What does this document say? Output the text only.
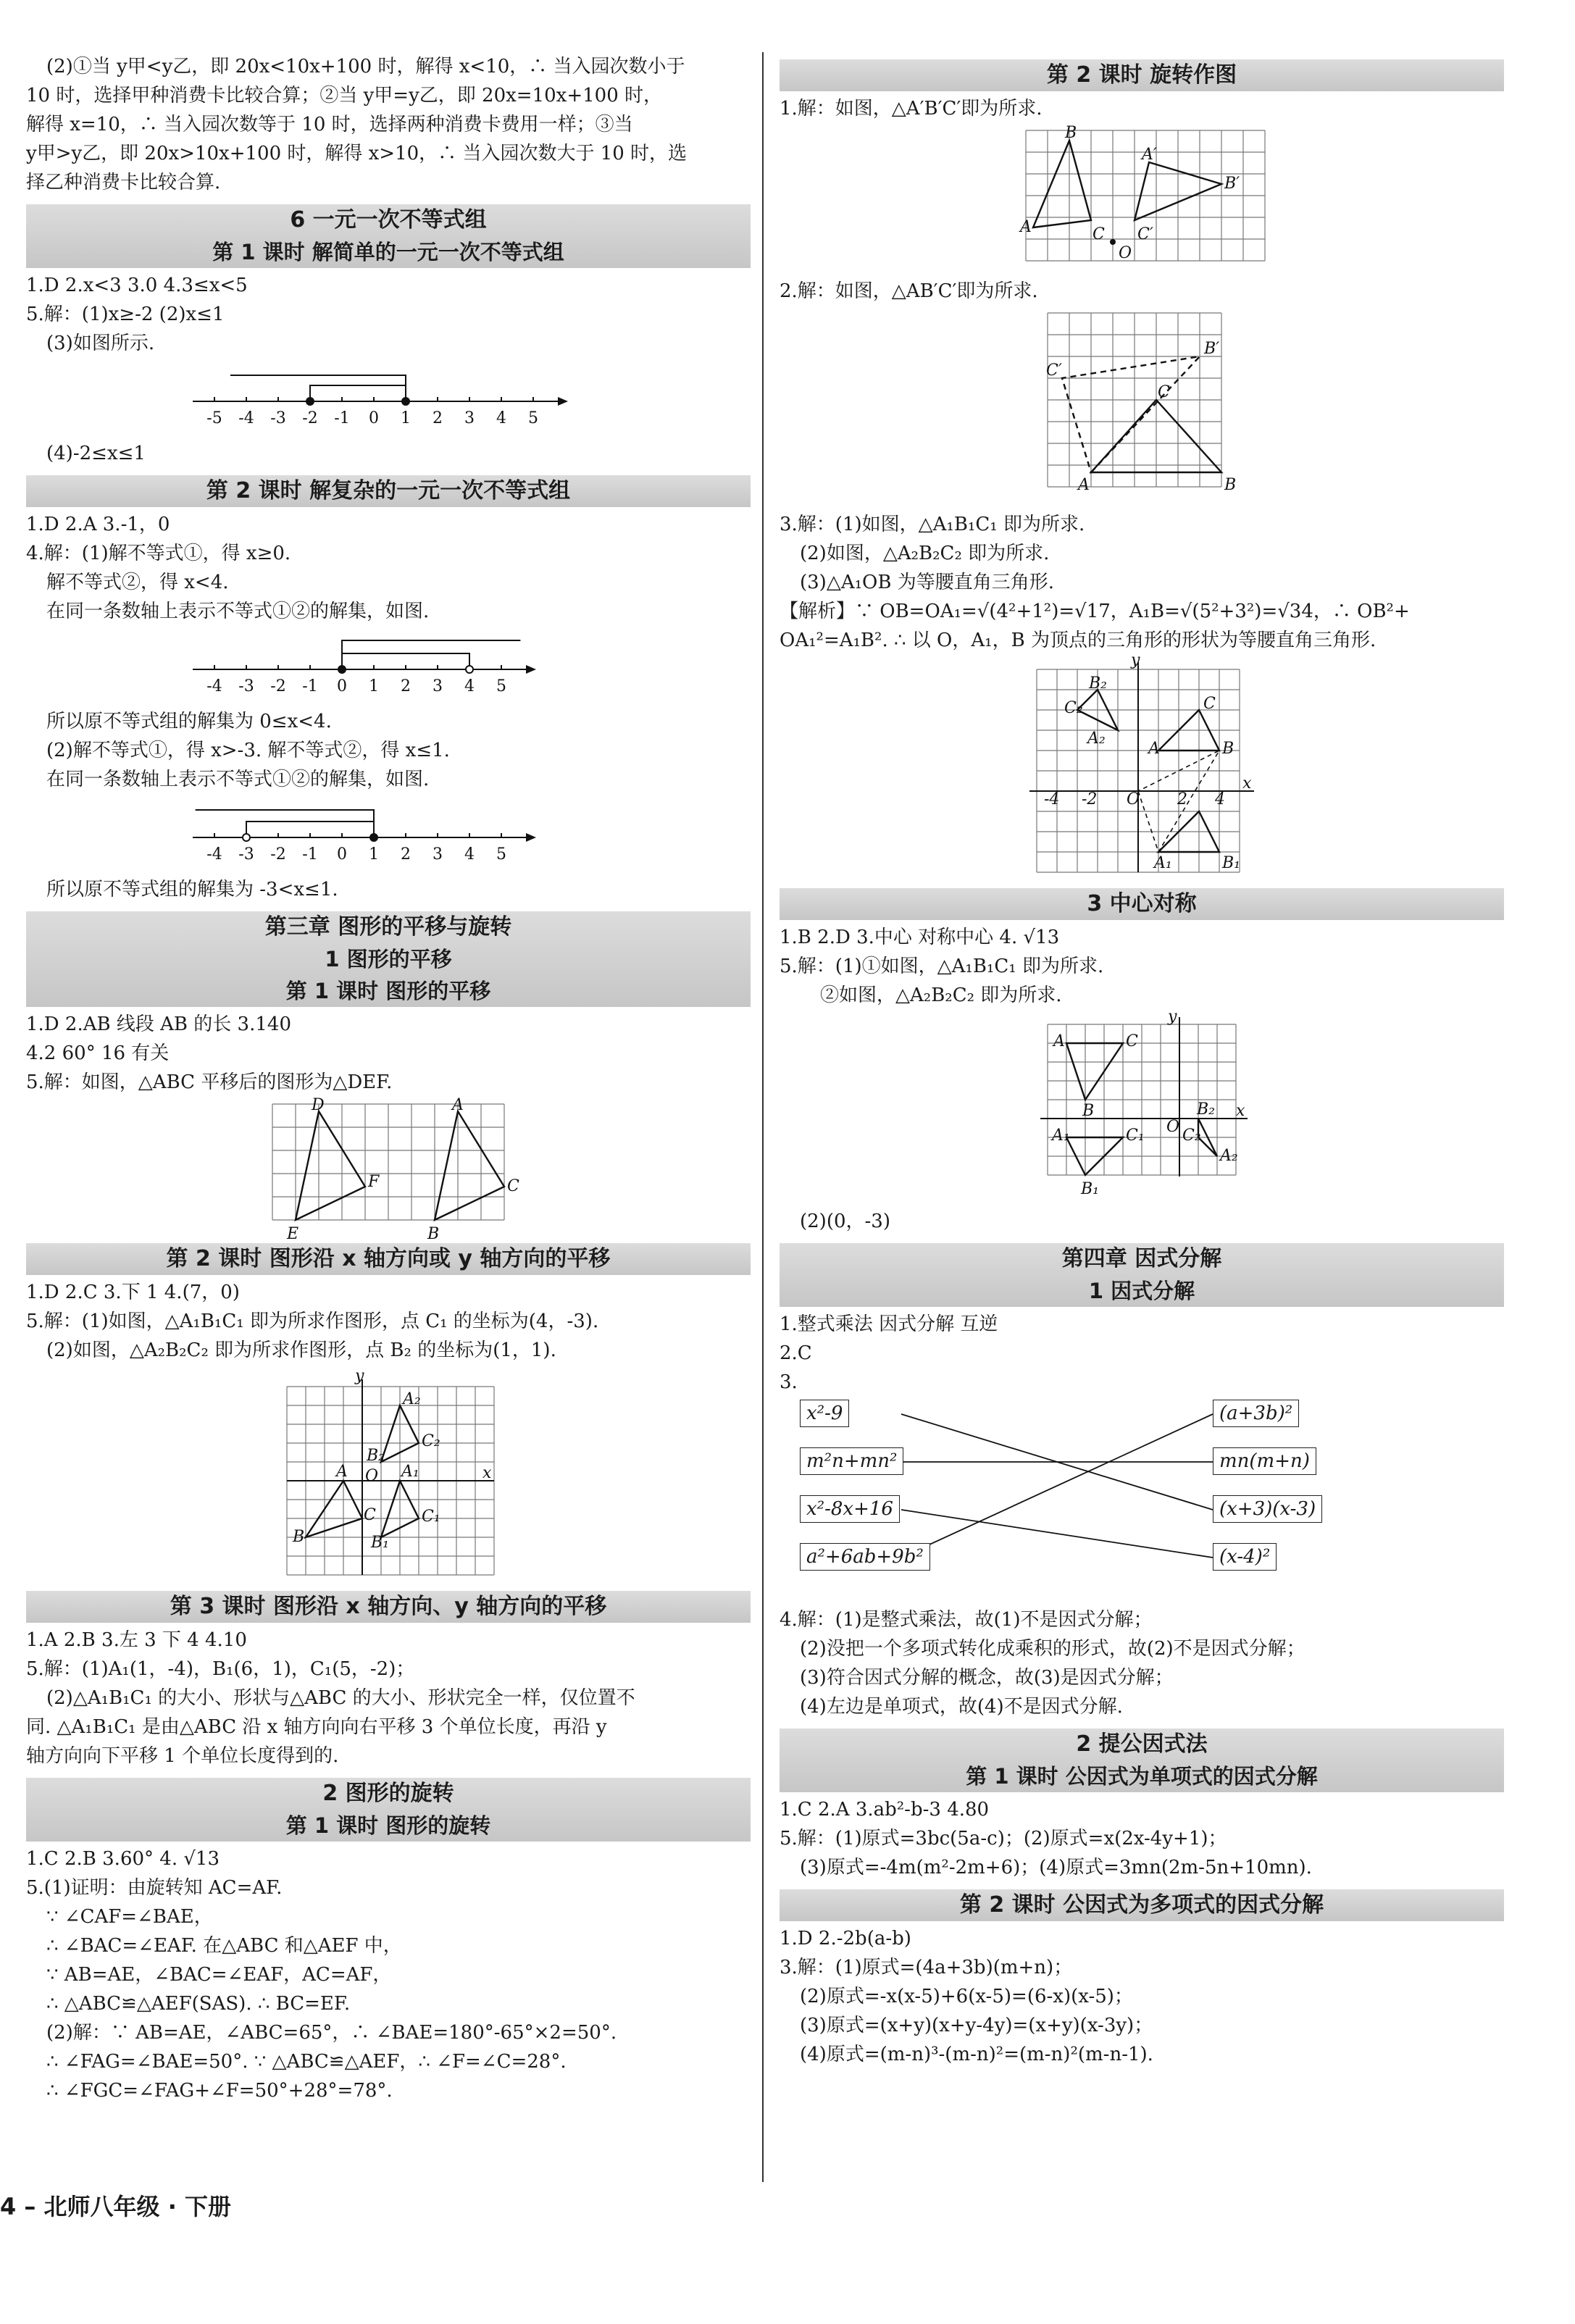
(2)①当 y甲<y乙，即 20x<10x+100 时，解得 x<10，∴ 当入园次数小于
10 时，选择甲种消费卡比较合算；②当 y甲=y乙，即 20x=10x+100 时，
解得 x=10，∴ 当入园次数等于 10 时，选择两种消费卡费用一样；③当
y甲>y乙，即 20x>10x+100 时，解得 x>10，∴ 当入园次数大于 10 时，选
择乙种消费卡比较合算.
6 一元一次不等式组
第 1 课时 解简单的一元一次不等式组
1.D 2.x<3 3.0 4.3≤x<5
5.解：(1)x≥-2 (2)x≤1
(3)如图所示.
-5 -4 -3 -2 -1 0 1 2 3 4 5
(4)-2≤x≤1
第 2 课时 解复杂的一元一次不等式组
1.D 2.A 3.-1，0
4.解：(1)解不等式①，得 x≥0.
解不等式②，得 x<4.
在同一条数轴上表示不等式①②的解集，如图.
-4 -3 -2 -1 0 1 2 3 4 5
所以原不等式组的解集为 0≤x<4.
(2)解不等式①，得 x>-3. 解不等式②，得 x≤1.
在同一条数轴上表示不等式①②的解集，如图.
-4 -3 -2 -1 0 1 2 3 4 5
所以原不等式组的解集为 -3<x≤1.
第三章 图形的平移与旋转
1 图形的平移
第 1 课时 图形的平移
1.D 2.AB 线段 AB 的长 3.140
4.2 60° 16 有关
5.解：如图，△ABC 平移后的图形为△DEF.
D
F
E
A
C
B
第 2 课时 图形沿 x 轴方向或 y 轴方向的平移
1.D 2.C 3.下 1 4.(7，0)
5.解：(1)如图，△A₁B₁C₁ 即为所求作图形，点 C₁ 的坐标为(4，-3).
(2)如图，△A₂B₂C₂ 即为所求作图形，点 B₂ 的坐标为(1，1).
y
x
O
A₂
C₂
B₂
A	A₁
C	C₁
B	B₁
第 3 课时 图形沿 x 轴方向、y 轴方向的平移
1.A 2.B 3.左 3 下 4 4.10
5.解：(1)A₁(1，-4)，B₁(6，1)，C₁(5，-2)；
(2)△A₁B₁C₁ 的大小、形状与△ABC 的大小、形状完全一样，仅位置不
同. △A₁B₁C₁ 是由△ABC 沿 x 轴方向向右平移 3 个单位长度，再沿 y
轴方向向下平移 1 个单位长度得到的.
2 图形的旋转
第 1 课时 图形的旋转
1.C 2.B 3.60° 4. √13
5.(1)证明：由旋转知 AC=AF.
∵ ∠CAF=∠BAE，
∴ ∠BAC=∠EAF. 在△ABC 和△AEF 中，
∵ AB=AE，∠BAC=∠EAF，AC=AF，
∴ △ABC≌△AEF(SAS). ∴ BC=EF.
(2)解：∵ AB=AE，∠ABC=65°，∴ ∠BAE=180°-65°×2=50°.
∴ ∠FAG=∠BAE=50°. ∵ △ABC≌△AEF，∴ ∠F=∠C=28°.
∴ ∠FGC=∠FAG+∠F=50°+28°=78°.
第 2 课时 旋转作图
1.解：如图，△A′B′C′即为所求.
B
A	C
A′
B′
C′
O
2.解：如图，△AB′C′即为所求.
B′
C′
C
A	B
3.解：(1)如图，△A₁B₁C₁ 即为所求.
(2)如图，△A₂B₂C₂ 即为所求.
(3)△A₁OB 为等腰直角三角形.
【解析】∵ OB=OA₁=√(4²+1²)=√17，A₁B=√(5²+3²)=√34，∴ OB²+
OA₁²=A₁B². ∴ 以 O，A₁，B 为顶点的三角形的形状为等腰直角三角形.
y
x
O
B₂
C₂
A₂
C
A	B
A₁	B₁
2 4
-4 -2
3 中心对称
1.B 2.D 3.中心 对称中心 4. √13
5.解：(1)①如图，△A₁B₁C₁ 即为所求.
②如图，△A₂B₂C₂ 即为所求.
y
x
O
A	C
B	B₂
A₂
C₂
A₁	C₁
B₁
(2)(0，-3)
第四章 因式分解
1 因式分解
1.整式乘法 因式分解 互逆
2.C
3.
x²-9
m²n+mn²
x²-8x+16
a²+6ab+9b²
(a+3b)²
mn(m+n)
(x+3)(x-3)
(x-4)²
4.解：(1)是整式乘法，故(1)不是因式分解；
(2)没把一个多项式转化成乘积的形式，故(2)不是因式分解；
(3)符合因式分解的概念，故(3)是因式分解；
(4)左边是单项式，故(4)不是因式分解.
2 提公因式法
第 1 课时 公因式为单项式的因式分解
1.C 2.A 3.ab²-b-3 4.80
5.解：(1)原式=3bc(5a-c)；(2)原式=x(2x-4y+1)；
(3)原式=-4m(m²-2m+6)；(4)原式=3mn(2m-5n+10mn).
第 2 课时 公因式为多项式的因式分解
1.D 2.-2b(a-b)
3.解：(1)原式=(4a+3b)(m+n)；
(2)原式=-x(x-5)+6(x-5)=(6-x)(x-5)；
(3)原式=(x+y)(x+y-4y)=(x+y)(x-3y)；
(4)原式=(m-n)³-(m-n)²=(m-n)²(m-n-1).
4 – 北师八年级 · 下册
